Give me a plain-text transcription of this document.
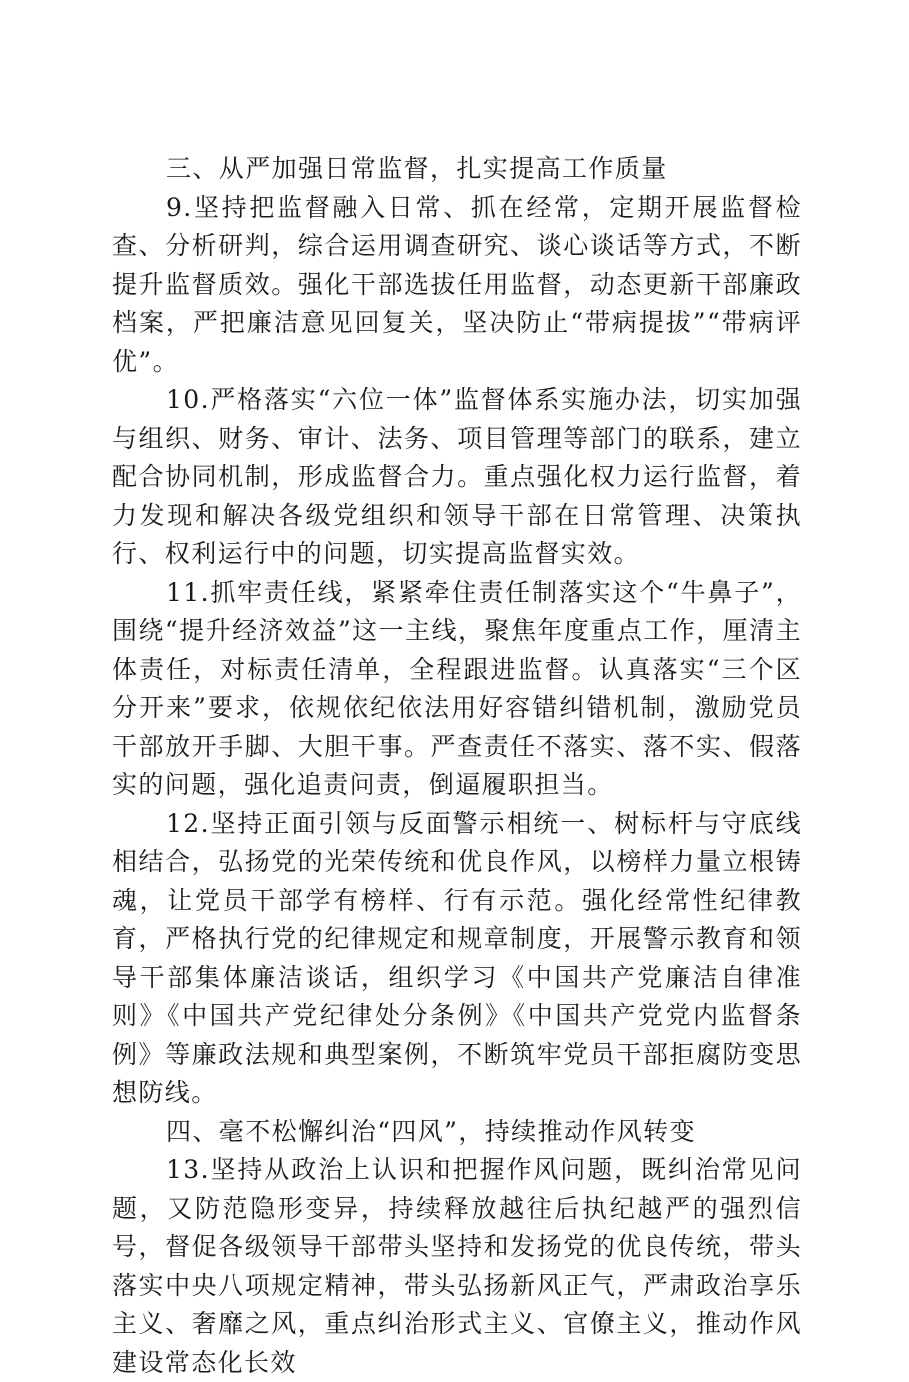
三、从严加强日常监督，扎实提高工作质量

9.坚持把监督融入日常、抓在经常，定期开展监督检查、分析研判，综合运用调查研究、谈心谈话等方式，不断提升监督质效。强化干部选拔任用监督，动态更新干部廉政档案，严把廉洁意见回复关，坚决防止“带病提拔”“带病评优”。

10.严格落实“六位一体”监督体系实施办法，切实加强与组织、财务、审计、法务、项目管理等部门的联系，建立配合协同机制，形成监督合力。重点强化权力运行监督，着力发现和解决各级党组织和领导干部在日常管理、决策执行、权利运行中的问题，切实提高监督实效。

11.抓牢责任线，紧紧牵住责任制落实这个“牛鼻子”，围绕“提升经济效益”这一主线，聚焦年度重点工作，厘清主体责任，对标责任清单，全程跟进监督。认真落实“三个区分开来”要求，依规依纪依法用好容错纠错机制，激励党员干部放开手脚、大胆干事。严查责任不落实、落不实、假落实的问题，强化追责问责，倒逼履职担当。

12.坚持正面引领与反面警示相统一、树标杆与守底线相结合，弘扬党的光荣传统和优良作风，以榜样力量立根铸魂，让党员干部学有榜样、行有示范。强化经常性纪律教育，严格执行党的纪律规定和规章制度，开展警示教育和领导干部集体廉洁谈话，组织学习《中国共产党廉洁自律准则》《中国共产党纪律处分条例》《中国共产党党内监督条例》等廉政法规和典型案例，不断筑牢党员干部拒腐防变思想防线。

四、毫不松懈纠治“四风”，持续推动作风转变

13.坚持从政治上认识和把握作风问题，既纠治常见问题，又防范隐形变异，持续释放越往后执纪越严的强烈信号，督促各级领导干部带头坚持和发扬党的优良传统，带头落实中央八项规定精神，带头弘扬新风正气，严肃政治享乐主义、奢靡之风，重点纠治形式主义、官僚主义，推动作风建设常态化长效
